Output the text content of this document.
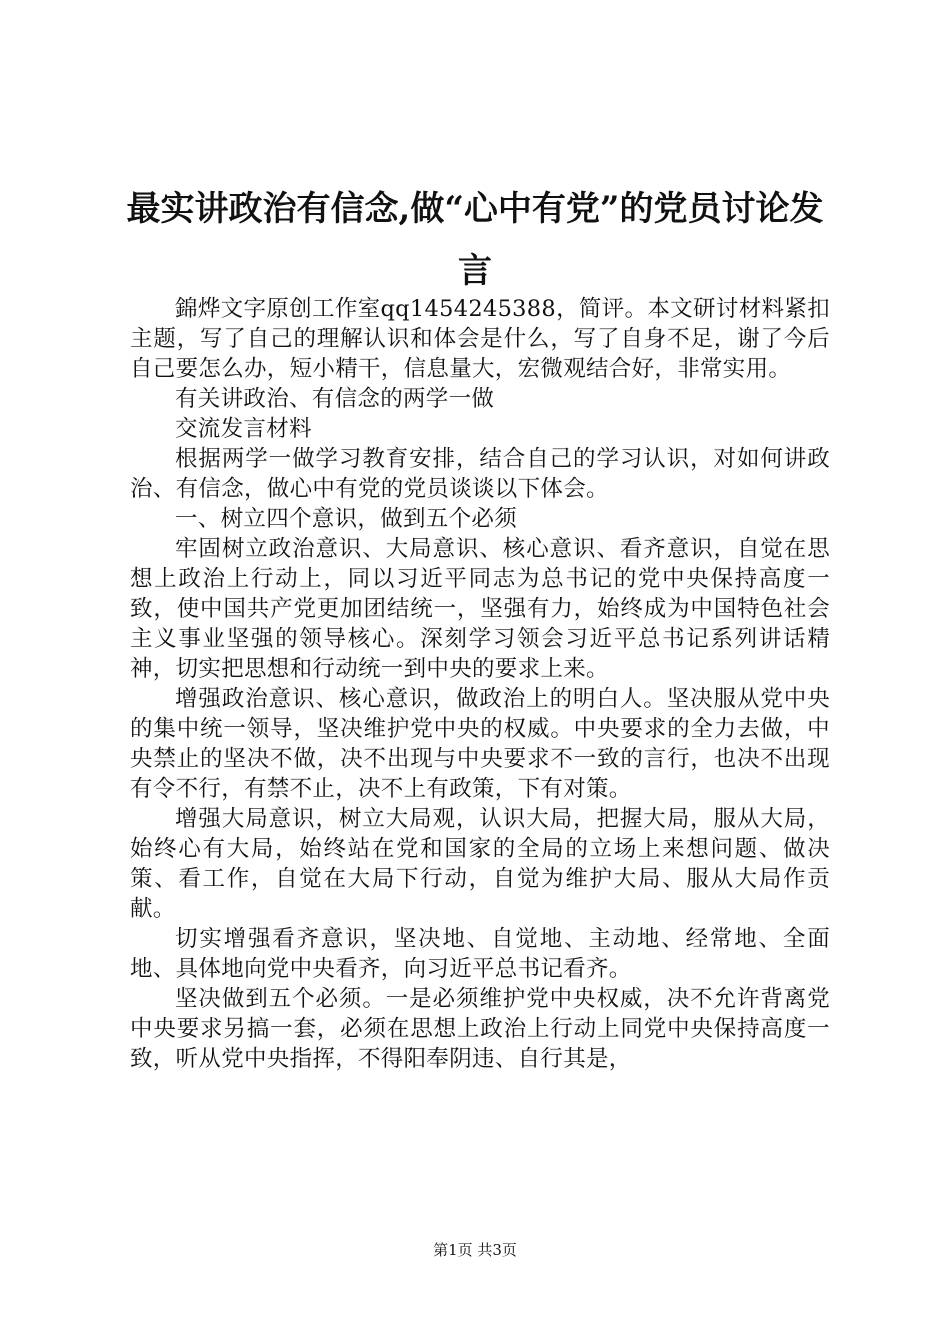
最实讲政治有信念,做“心中有党”的党员讨论发言

錦烨文字原创工作室qq1454245388，简评。本文研讨材料紧扣主题，写了自己的理解认识和体会是什么，写了自身不足，谢了今后自己要怎么办，短小精干，信息量大，宏微观结合好，非常实用。

有关讲政治、有信念的两学一做

交流发言材料

根据两学一做学习教育安排，结合自己的学习认识，对如何讲政治、有信念，做心中有党的党员谈谈以下体会。

一、树立四个意识，做到五个必须

牢固树立政治意识、大局意识、核心意识、看齐意识，自觉在思想上政治上行动上，同以习近平同志为总书记的党中央保持高度一致，使中国共产党更加团结统一，坚强有力，始终成为中国特色社会主义事业坚强的领导核心。深刻学习领会习近平总书记系列讲话精神，切实把思想和行动统一到中央的要求上来。

增强政治意识、核心意识，做政治上的明白人。坚决服从党中央的集中统一领导，坚决维护党中央的权威。中央要求的全力去做，中央禁止的坚决不做，决不出现与中央要求不一致的言行，也决不出现有令不行，有禁不止，决不上有政策，下有对策。

增强大局意识，树立大局观，认识大局，把握大局，服从大局，始终心有大局，始终站在党和国家的全局的立场上来想问题、做决策、看工作，自觉在大局下行动，自觉为维护大局、服从大局作贡献。

切实增强看齐意识，坚决地、自觉地、主动地、经常地、全面地、具体地向党中央看齐，向习近平总书记看齐。

坚决做到五个必须。一是必须维护党中央权威，决不允许背离党中央要求另搞一套，必须在思想上政治上行动上同党中央保持高度一致，听从党中央指挥，不得阳奉阴违、自行其是，

第1页 共3页
